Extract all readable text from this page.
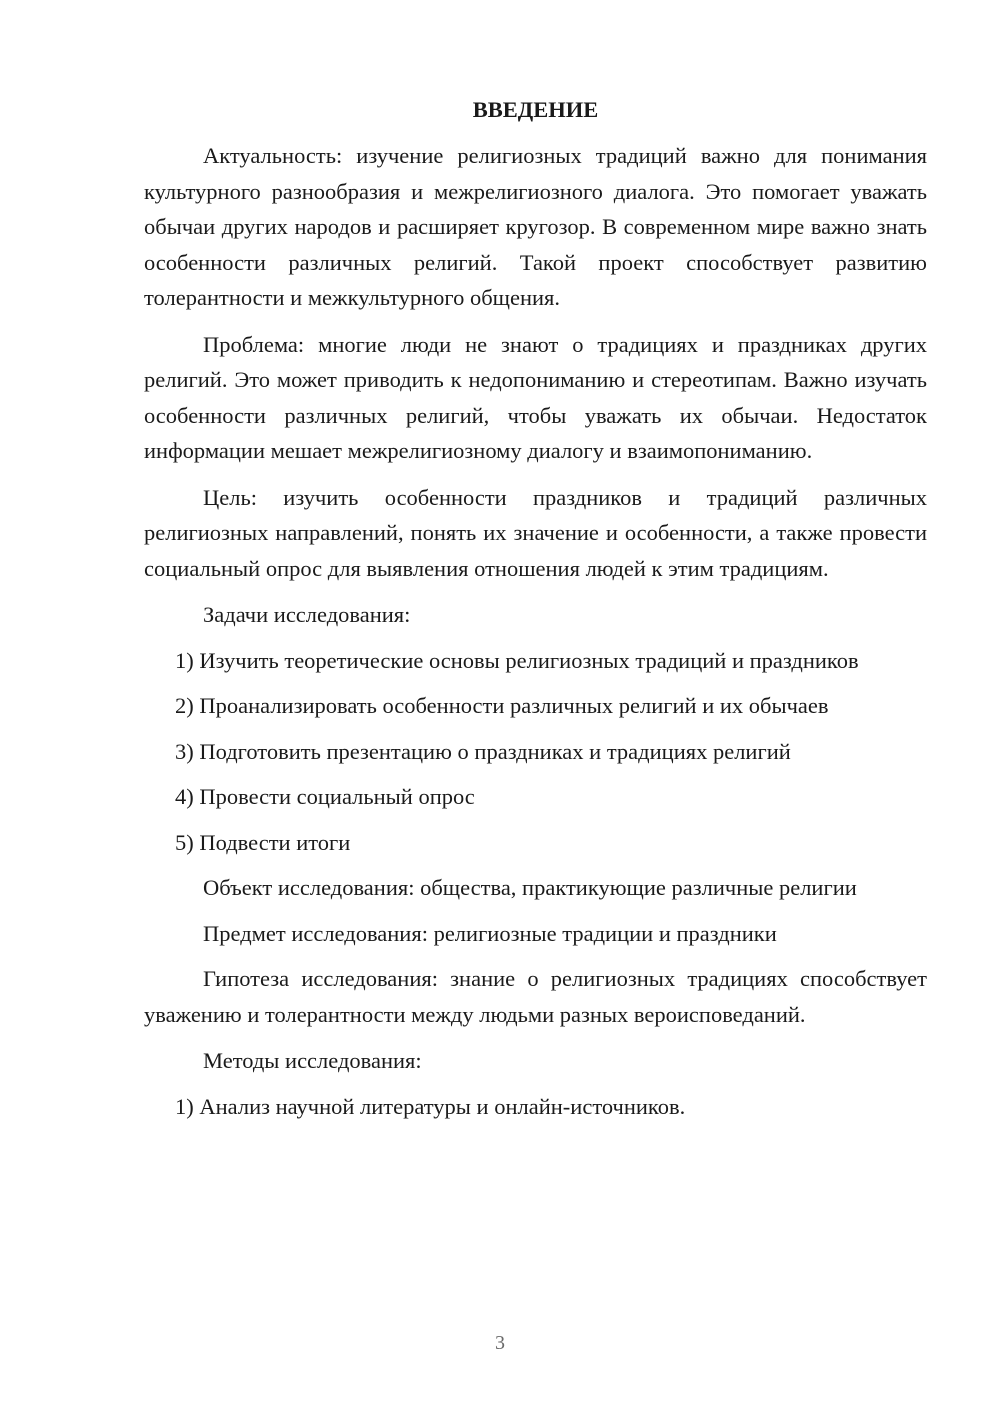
ВВЕДЕНИЕ

Актуальность: изучение религиозных традиций важно для понимания культурного разнообразия и межрелигиозного диалога. Это помогает уважать обычаи других народов и расширяет кругозор. В современном мире важно знать особенности различных религий. Такой проект способствует развитию толерантности и межкультурного общения.

Проблема: многие люди не знают о традициях и праздниках других религий. Это может приводить к недопониманию и стереотипам. Важно изучать особенности различных религий, чтобы уважать их обычаи. Недостаток информации мешает межрелигиозному диалогу и взаимопониманию.

Цель: изучить особенности праздников и традиций различных религиозных направлений, понять их значение и особенности, а также провести социальный опрос для выявления отношения людей к этим традициям.

Задачи исследования:

1) Изучить теоретические основы религиозных традиций и праздников

2) Проанализировать особенности различных религий и их обычаев

3) Подготовить презентацию о праздниках и традициях религий

4) Провести социальный опрос

5) Подвести итоги

Объект исследования: общества, практикующие различные религии

Предмет исследования: религиозные традиции и праздники

Гипотеза исследования: знание о религиозных традициях способствует уважению и толерантности между людьми разных вероисповеданий.

Методы исследования:

1) Анализ научной литературы и онлайн-источников.

3
